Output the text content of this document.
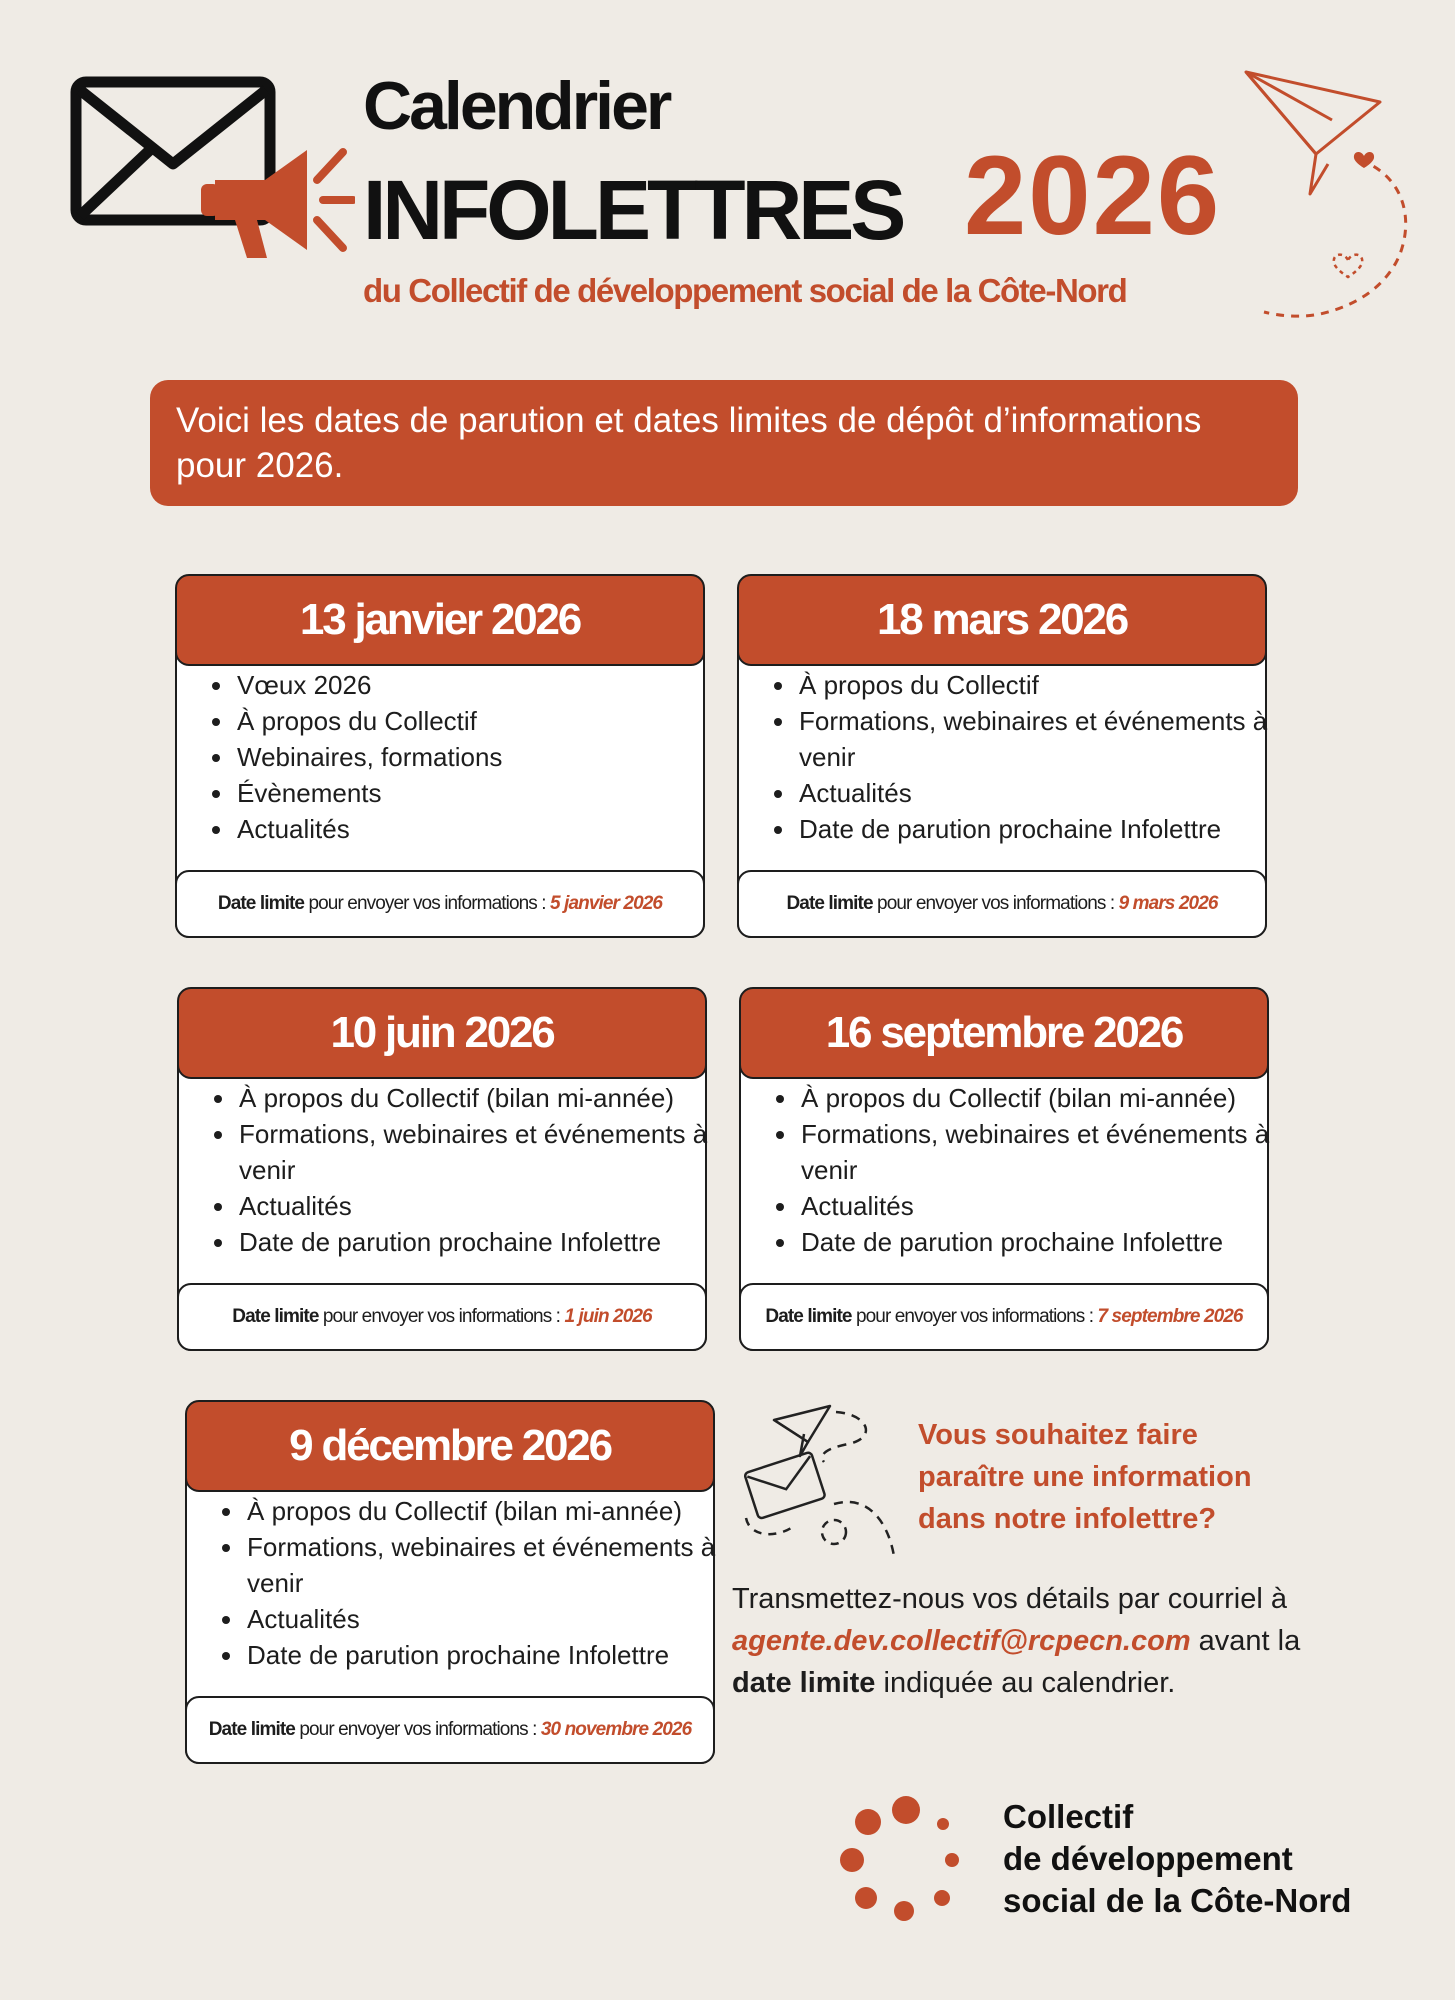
Calendrier
INFOLETTRES 2026
du Collectif de développement social de la Côte-Nord
Voici les dates de parution et dates limites de dépôt d’informations pour 2026.
13 janvier 2026
• Vœux 2026
• À propos du Collectif
• Webinaires, formations
• Évènements
• Actualités
Date limite
pour envoyer vos informations : 5 janvier 2026
18 mars 2026
• À propos du Collectif
• Formations, webinaires et événements à venir
• Actualités
• Date de parution prochaine Infolettre
Date limite
pour envoyer vos informations : 9 mars 2026
10 juin 2026
• À propos du Collectif (bilan mi-année)
• Formations, webinaires et événements à venir
• Actualités
• Date de parution prochaine Infolettre
Date limite
pour envoyer vos informations : 1 juin 2026
16 septembre 2026
• À propos du Collectif (bilan mi-année)
• Formations, webinaires et événements à venir
• Actualités
• Date de parution prochaine Infolettre
Date limite
pour envoyer vos informations : 7 septembre 2026
9 décembre 2026
• À propos du Collectif (bilan mi-année)
• Formations, webinaires et événements à venir
• Actualités
• Date de parution prochaine Infolettre
Date limite
pour envoyer vos informations : 30 novembre 2026
Vous souhaitez faire paraître une information dans notre infolettre?
Transmettez-nous vos détails par courriel à agente.dev.collectif@rcpecn.com avant la date limite indiquée au calendrier.
Collectif
de développement
social de la Côte-Nord
